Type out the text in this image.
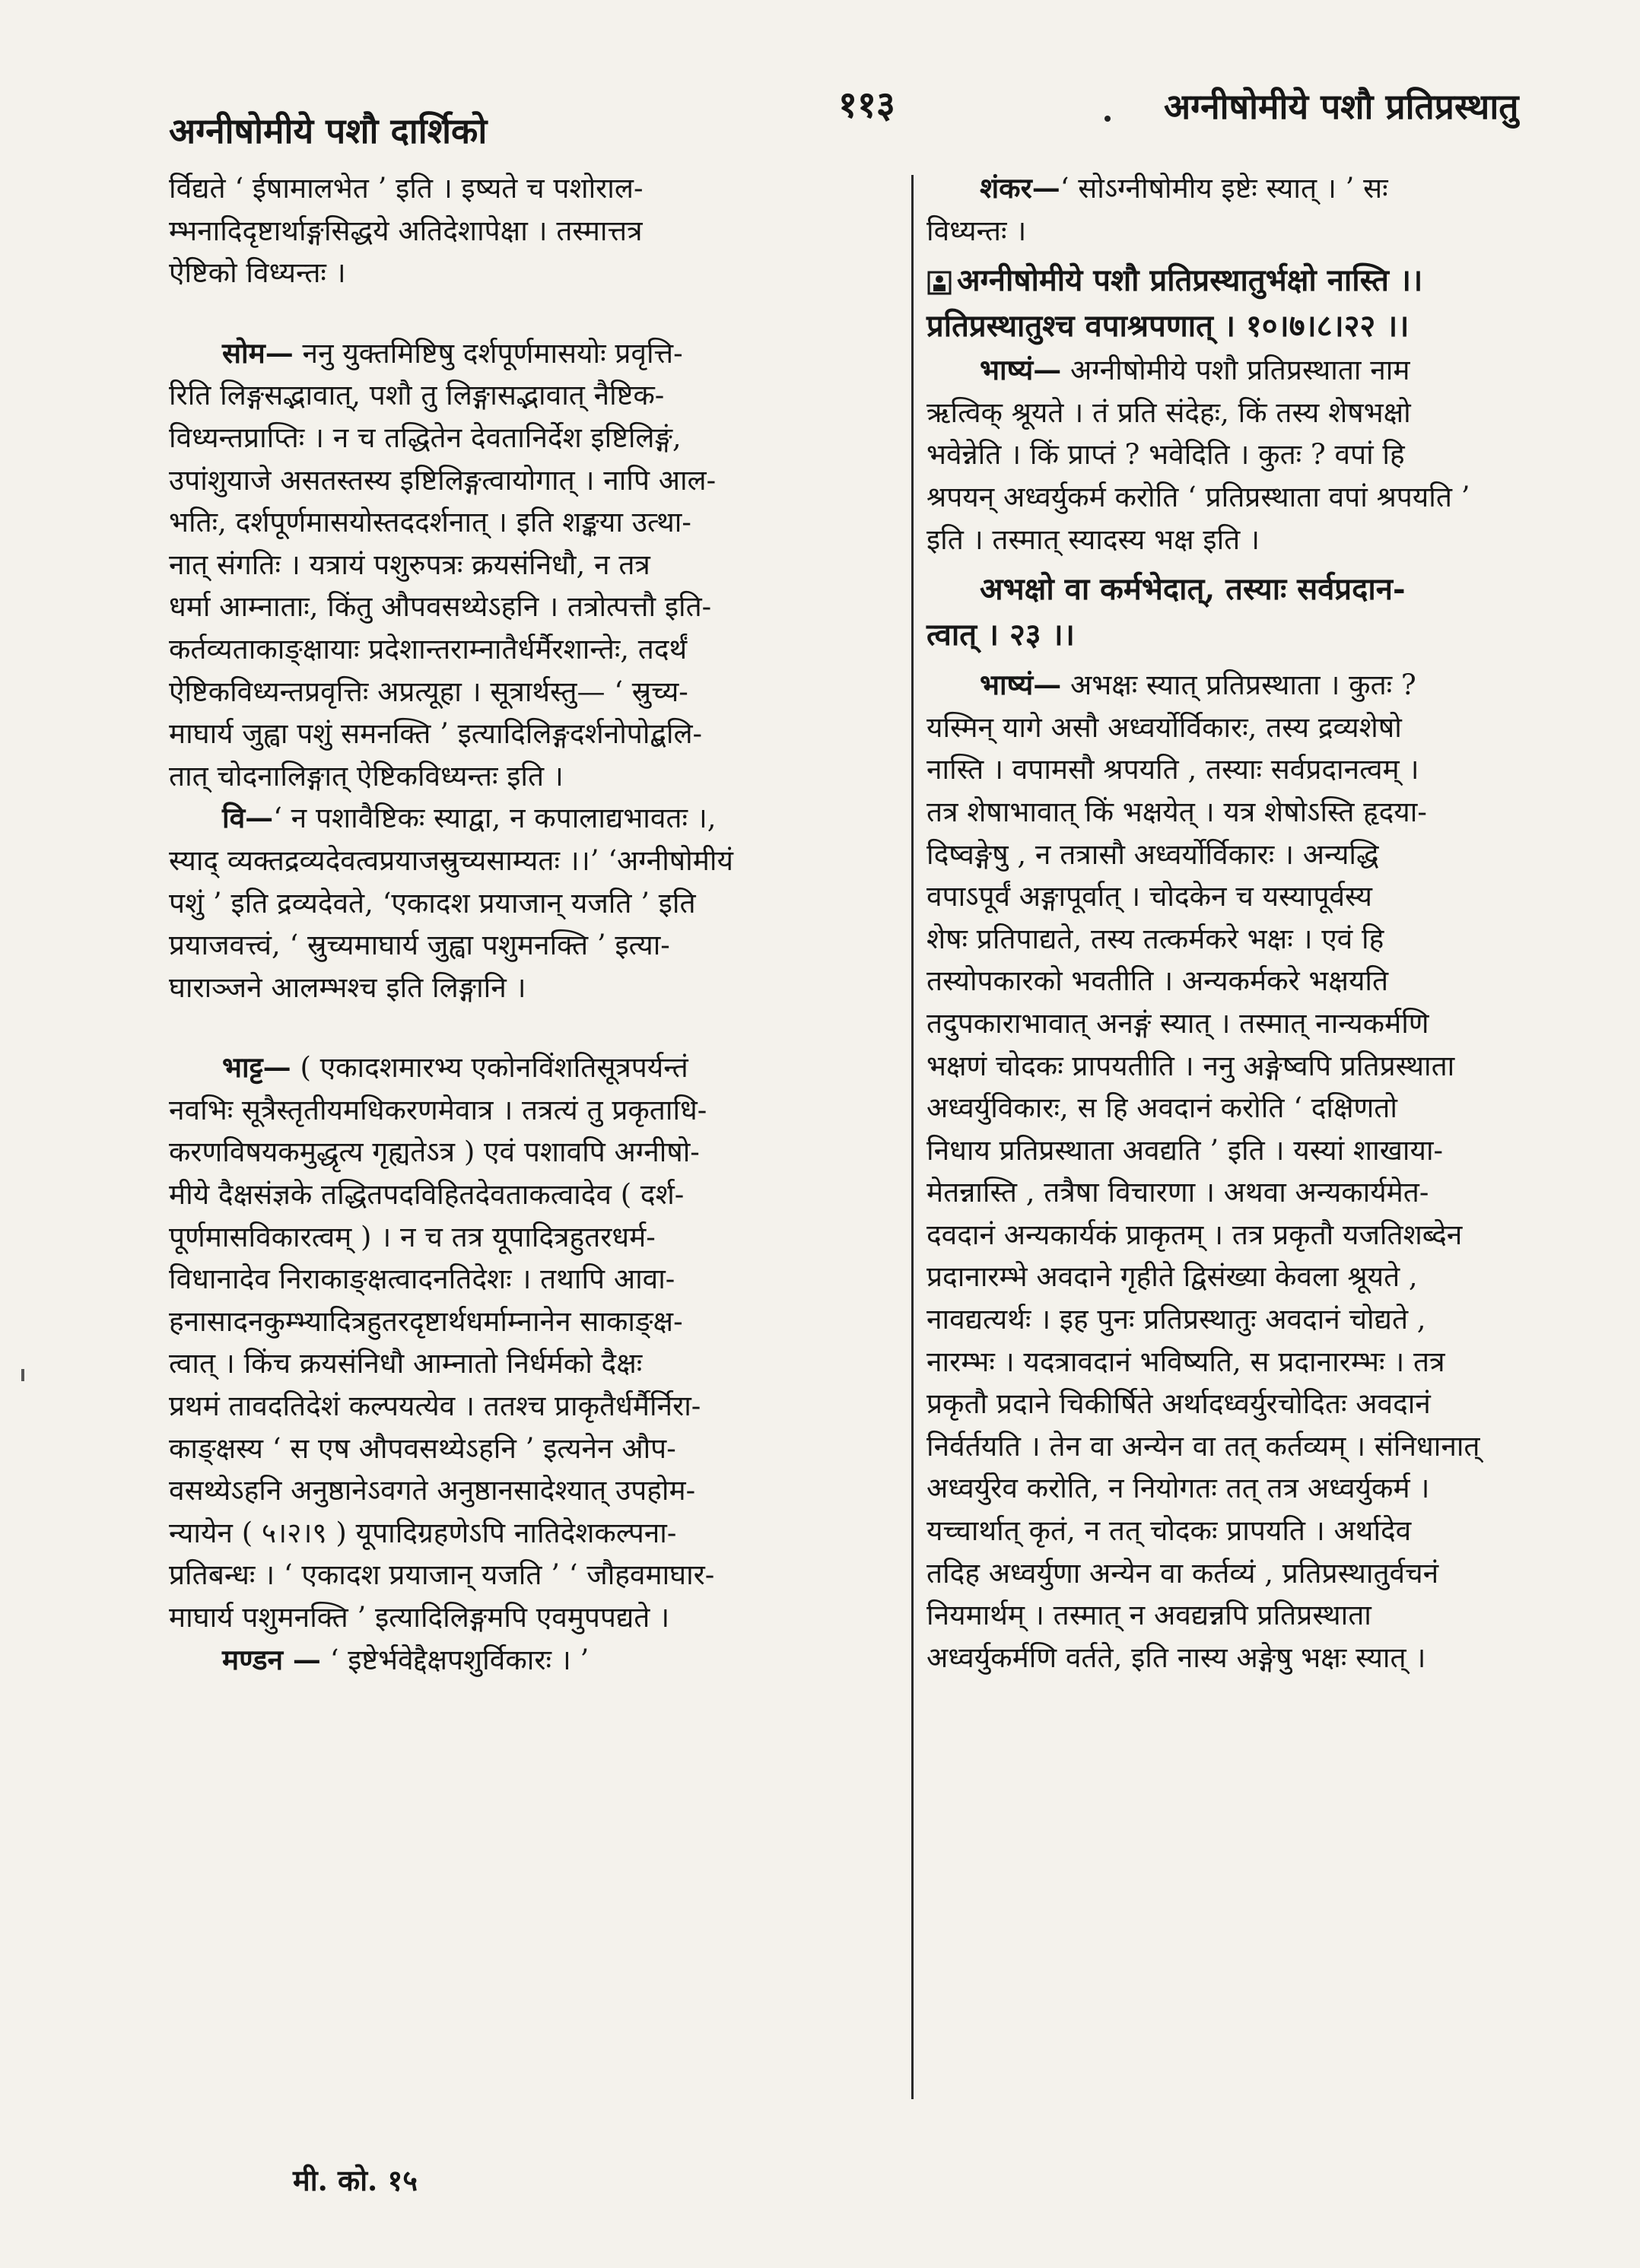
अग्नीषोमीये पशौ दार्शिको
११३	अग्नीषोमीये पशौ प्रतिप्रस्थातु

र्विद्यते ‘ ईषामालभेत ’ इति । इष्यते च पशोराल-

म्भनादिदृष्टार्थाङ्गसिद्धये अतिदेशापेक्षा । तस्मात्तत्र

ऐष्टिको विध्यन्तः ।

सोम— ननु युक्तमिष्टिषु दर्शपूर्णमासयोः प्रवृत्ति-

रिति लिङ्गसद्भावात्, पशौ तु लिङ्गासद्भावात् नैष्टिक-

विध्यन्तप्राप्तिः । न च तद्धितेन देवतानिर्देश इष्टिलिङ्गं,

उपांशुयाजे असतस्तस्य इष्टिलिङ्गत्वायोगात् । नापि आल-

भतिः, दर्शपूर्णमासयोस्तददर्शनात् । इति शङ्कया उत्था-

नात् संगतिः । यत्रायं पशुरुपत्रः क्रयसंनिधौ, न तत्र

धर्मा आम्नाताः, किंतु औपवसथ्येऽहनि । तत्रोत्पत्तौ इति-

कर्तव्यताकाङ्क्षायाः प्रदेशान्तराम्नातैर्धर्मैरशान्तेः, तदर्थं

ऐष्टिकविध्यन्तप्रवृत्तिः अप्रत्यूहा । सूत्रार्थस्तु— ‘ स्रुच्य-

माघार्य जुह्वा पशुं समनक्ति ’ इत्यादिलिङ्गदर्शनोपोद्बलि-

तात् चोदनालिङ्गात् ऐष्टिकविध्यन्तः इति ।

वि—‘ न पशावैष्टिकः स्याद्वा, न कपालाद्यभावतः ।,

स्याद् व्यक्तद्रव्यदेवत्वप्रयाजस्रुच्यसाम्यतः ।।’ ‘अग्नीषोमीयं

पशुं ’ इति द्रव्यदेवते, ‘एकादश प्रयाजान् यजति ’ इति

प्रयाजवत्त्वं, ‘ स्रुच्यमाघार्य जुह्वा पशुमनक्ति ’ इत्या-

घाराञ्जने आलम्भश्च इति लिङ्गानि ।

भाट्ट— ( एकादशमारभ्य एकोनविंशतिसूत्रपर्यन्तं

नवभिः सूत्रैस्तृतीयमधिकरणमेवात्र । तत्रत्यं तु प्रकृताधि-

करणविषयकमुद्धृत्य गृह्यतेऽत्र ) एवं पशावपि अग्नीषो-

मीये दैक्षसंज्ञके तद्धितपदविहितदेवताकत्वादेव ( दर्श-

पूर्णमासविकारत्वम् ) । न च तत्र यूपादित्रहुतरधर्म-

विधानादेव निराकाङ्क्षत्वादनतिदेशः । तथापि आवा-

हनासादनकुम्भ्यादित्रहुतरदृष्टार्थधर्माम्नानेन साकाङ्क्ष-

त्वात् । किंच क्रयसंनिधौ आम्नातो निर्धर्मको दैक्षः

प्रथमं तावदतिदेशं कल्पयत्येव । ततश्च प्राकृतैर्धर्मैर्निरा-

काङ्क्षस्य ‘ स एष औपवसथ्येऽहनि ’ इत्यनेन औप-

वसथ्येऽहनि अनुष्ठानेऽवगते अनुष्ठानसादेश्यात् उपहोम-

न्यायेन ( ५।२।९ ) यूपादिग्रहणेऽपि नातिदेशकल्पना-

प्रतिबन्धः । ‘ एकादश प्रयाजान् यजति ’ ‘ जौहवमाघार-

माघार्य पशुमनक्ति ’ इत्यादिलिङ्गमपि एवमुपपद्यते ।

मण्डन — ‘ इष्टेर्भवेद्दैक्षपशुर्विकारः । ’

शंकर—‘ सोऽग्नीषोमीय इष्टेः स्यात् । ’ सः

विध्यन्तः ।

अग्नीषोमीये पशौ प्रतिप्रस्थातुर्भक्षो नास्ति ।।

प्रतिप्रस्थातुश्च वपाश्रपणात् । १०।७।८।२२ ।।

भाष्यं— अग्नीषोमीये पशौ प्रतिप्रस्थाता नाम

ऋत्विक् श्रूयते । तं प्रति संदेहः, किं तस्य शेषभक्षो

भवेन्नेति । किं प्राप्तं ? भवेदिति । कुतः ? वपां हि

श्रपयन् अध्वर्युकर्म करोति ‘ प्रतिप्रस्थाता वपां श्रपयति ’

इति । तस्मात् स्यादस्य भक्ष इति ।

अभक्षो वा कर्मभेदात्, तस्याः सर्वप्रदान-

त्वात् । २३ ।।

भाष्यं— अभक्षः स्यात् प्रतिप्रस्थाता । कुतः ?

यस्मिन् यागे असौ अध्वर्योर्विकारः, तस्य द्रव्यशेषो

नास्ति । वपामसौ श्रपयति , तस्याः सर्वप्रदानत्वम् ।

तत्र शेषाभावात् किं भक्षयेत् । यत्र शेषोऽस्ति हृदया-

दिष्वङ्गेषु , न तत्रासौ अध्वर्योर्विकारः । अन्यद्धि

वपाऽपूर्वं अङ्गापूर्वात् । चोदकेन च यस्यापूर्वस्य

शेषः प्रतिपाद्यते, तस्य तत्कर्मकरे भक्षः । एवं हि

तस्योपकारको भवतीति । अन्यकर्मकरे भक्षयति

तदुपकाराभावात् अनङ्गं स्यात् । तस्मात् नान्यकर्मणि

भक्षणं चोदकः प्रापयतीति । ननु अङ्गेष्वपि प्रतिप्रस्थाता

अध्वर्युविकारः, स हि अवदानं करोति ‘ दक्षिणतो

निधाय प्रतिप्रस्थाता अवद्यति ’ इति । यस्यां शाखाया-

मेतन्नास्ति , तत्रैषा विचारणा । अथवा अन्यकार्यमेत-

दवदानं अन्यकार्यकं प्राकृतम् । तत्र प्रकृतौ यजतिशब्देन

प्रदानारम्भे अवदाने गृहीते द्विसंख्या केवला श्रूयते ,

नावद्यत्यर्थः । इह पुनः प्रतिप्रस्थातुः अवदानं चोद्यते ,

नारम्भः । यदत्रावदानं भविष्यति, स प्रदानारम्भः । तत्र

प्रकृतौ प्रदाने चिकीर्षिते अर्थादध्वर्युरचोदितः अवदानं

निर्वर्तयति । तेन वा अन्येन वा तत् कर्तव्यम् । संनिधानात्

अध्वर्युरेव करोति, न नियोगतः तत् तत्र अध्वर्युकर्म ।

यच्चार्थात् कृतं, न तत् चोदकः प्रापयति । अर्थादेव

तदिह अध्वर्युणा अन्येन वा कर्तव्यं , प्रतिप्रस्थातुर्वचनं

नियमार्थम् । तस्मात् न अवद्यन्नपि प्रतिप्रस्थाता

अध्वर्युकर्मणि वर्तते, इति नास्य अङ्गेषु भक्षः स्यात् ।

मी. को. १५
